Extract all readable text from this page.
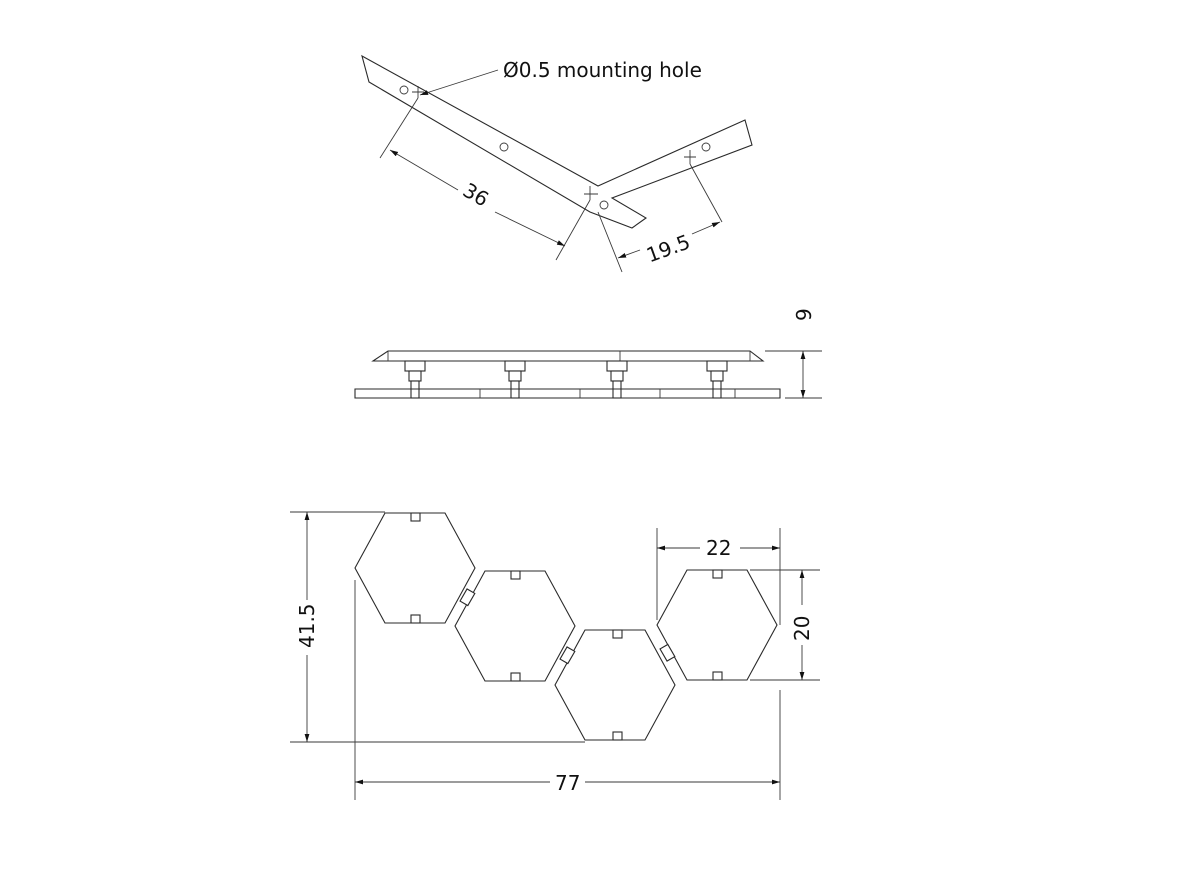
Ø0.5 mounting hole
36
19.5
9
22
20
41.5
77
